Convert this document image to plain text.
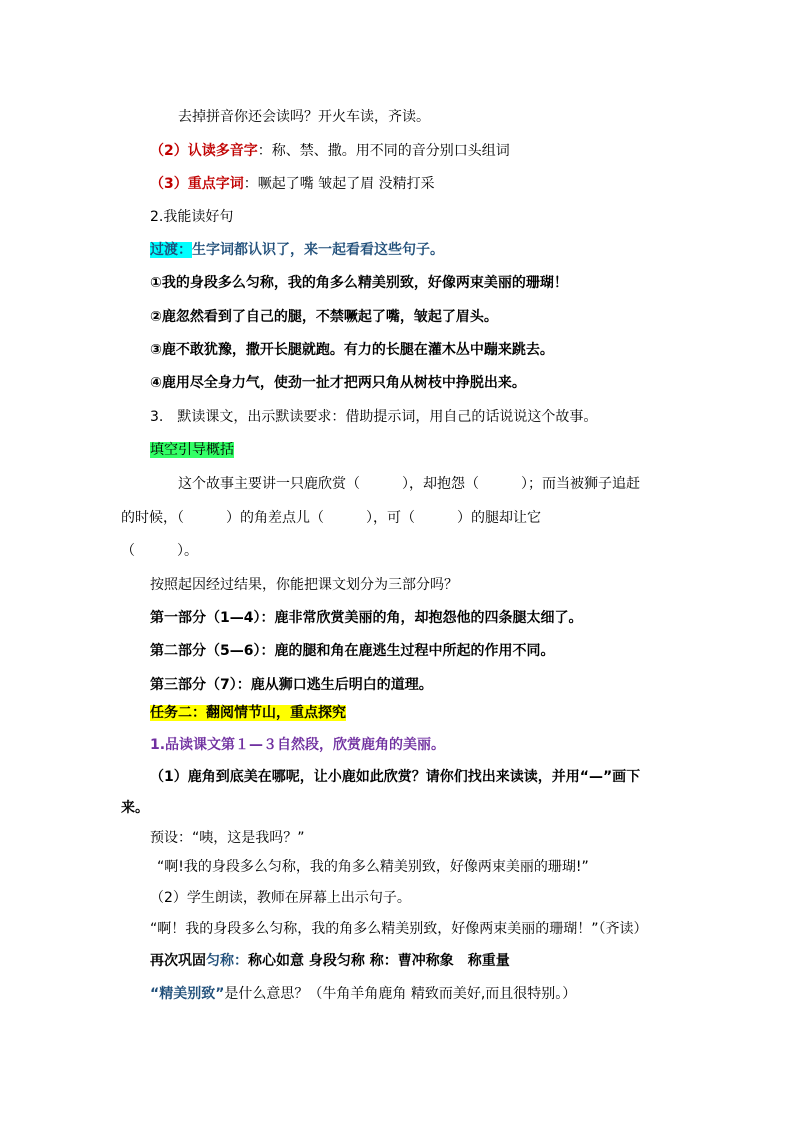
去掉拼音你还会读吗？开火车读，齐读。
（2）认读多音字：称、禁、撒。用不同的音分别口头组词
（3）重点字词：噘起了嘴 皱起了眉 没精打采
2.我能读好句
过渡：生字词都认识了，来一起看看这些句子。
①我的身段多么匀称，我的角多么精美别致，好像两束美丽的珊瑚！
②鹿忽然看到了自己的腿，不禁噘起了嘴，皱起了眉头。
③鹿不敢犹豫，撒开长腿就跑。有力的长腿在灌木丛中蹦来跳去。
④鹿用尽全身力气，使劲一扯才把两只角从树枝中挣脱出来。
3.　默读课文，出示默读要求：借助提示词，用自己的话说说这个故事。
填空引导概括
这个故事主要讲一只鹿欣赏（　　　），却抱怨（　　　）；而当被狮子追赶
的时候，（　　　）的角差点儿（　　　），可（　　　）的腿却让它
（　　　）。
按照起因经过结果，你能把课文划分为三部分吗？
第一部分（1—4）：鹿非常欣赏美丽的角，却抱怨他的四条腿太细了。
第二部分（5—6）：鹿的腿和角在鹿逃生过程中所起的作用不同。
第三部分（7）：鹿从狮口逃生后明白的道理。
任务二：翻阅情节山，重点探究
1.品读课文第１—３自然段，欣赏鹿角的美丽。
（1）鹿角到底美在哪呢，让小鹿如此欣赏？请你们找出来读读，并用“—”画下
来。
预设：“咦，这是我吗？”
“啊!我的身段多么匀称，我的角多么精美别致，好像两束美丽的珊瑚!”
（2）学生朗读，教师在屏幕上出示句子。
“啊！我的身段多么匀称，我的角多么精美别致，好像两束美丽的珊瑚！”（齐读）
再次巩固匀称：称心如意 身段匀称 称：曹冲称象　称重量
“精美别致”是什么意思？（牛角羊角鹿角 精致而美好,而且很特别。）
